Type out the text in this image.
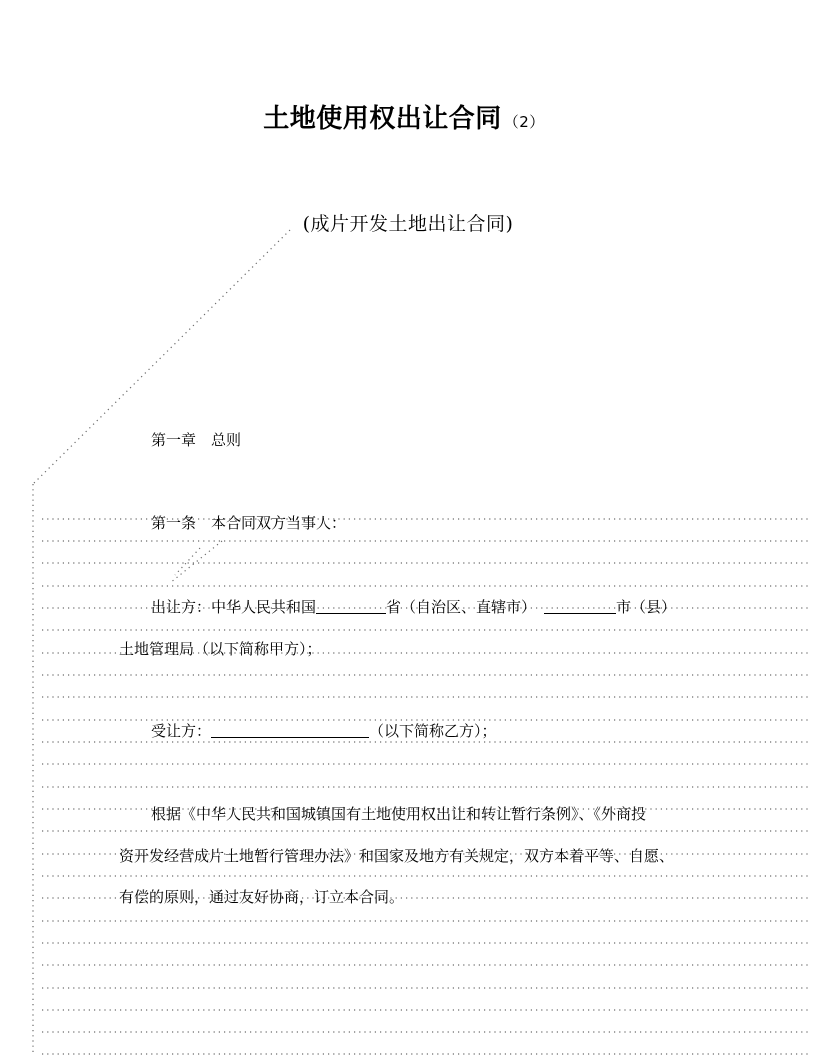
土地使用权出让合同 （2）
(成片开发土地出让合同)
第一章　总则
第一条　本合同双方当事人：
出让方：中华人民共和国	省（自治区、直辖市）	市（县）
土地管理局（以下简称甲方）；
受让方：	（以下简称乙方）；
根据《中华人民共和国城镇国有土地使用权出让和转让暂行条例》、《外商投
资开发经营成片土地暂行管理办法》和国家及地方有关规定，双方本着平等、自愿、
有偿的原则，通过友好协商，订立本合同。
